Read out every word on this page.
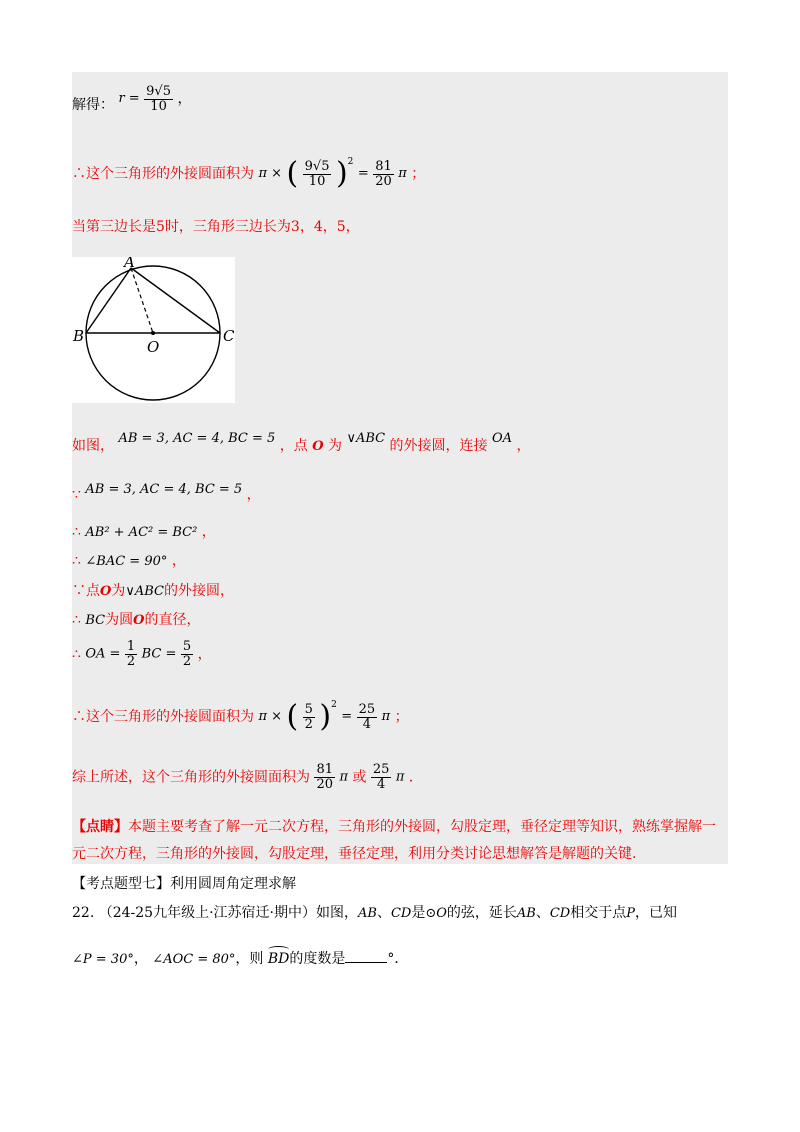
解得： $r = \frac{9√5}{10}$ ，
∴这个三角形的外接圆面积为 π × ( $\frac{9√5}{10} )^2 = \frac{81}{20}$ π ；
当第三边长是5时，三角形三边长为3，4，5，
A
B	C
O
如图， AB = 3, AC = 4, BC = 5 ，点 O 为 ∨ABC 的外接圆，连接 OA ，
∵ AB = 3, AC = 4, BC = 5 ，
∴ AB² + AC² = BC² ，
∴ ∠BAC = 90° ，
∵点O为∨ABC的外接圆，
∴ BC为圆O的直径，
∴ OA = $\frac{1}{2}$ BC = $\frac{5}{2}$ ，
∴这个三角形的外接圆面积为 π × ( $\frac{5}{2} )^2 = \frac{25}{4}$ π ；
综上所述，这个三角形的外接圆面积为 $\frac{81}{20}$ π 或 $\frac{25}{4}$ π ．
【点睛】本题主要考查了解一元二次方程，三角形的外接圆，勾股定理，垂径定理等知识，熟练掌握解一
元二次方程，三角形的外接圆，勾股定理，垂径定理，利用分类讨论思想解答是解题的关键.
【考点题型七】利用圆周角定理求解
22. （24-25九年级上·江苏宿迁·期中）如图，AB、CD是⊙O的弦，延长AB、CD相交于点P，已知
∠P = 30°， ∠AOC = 80°，则 BD的度数是	°．
